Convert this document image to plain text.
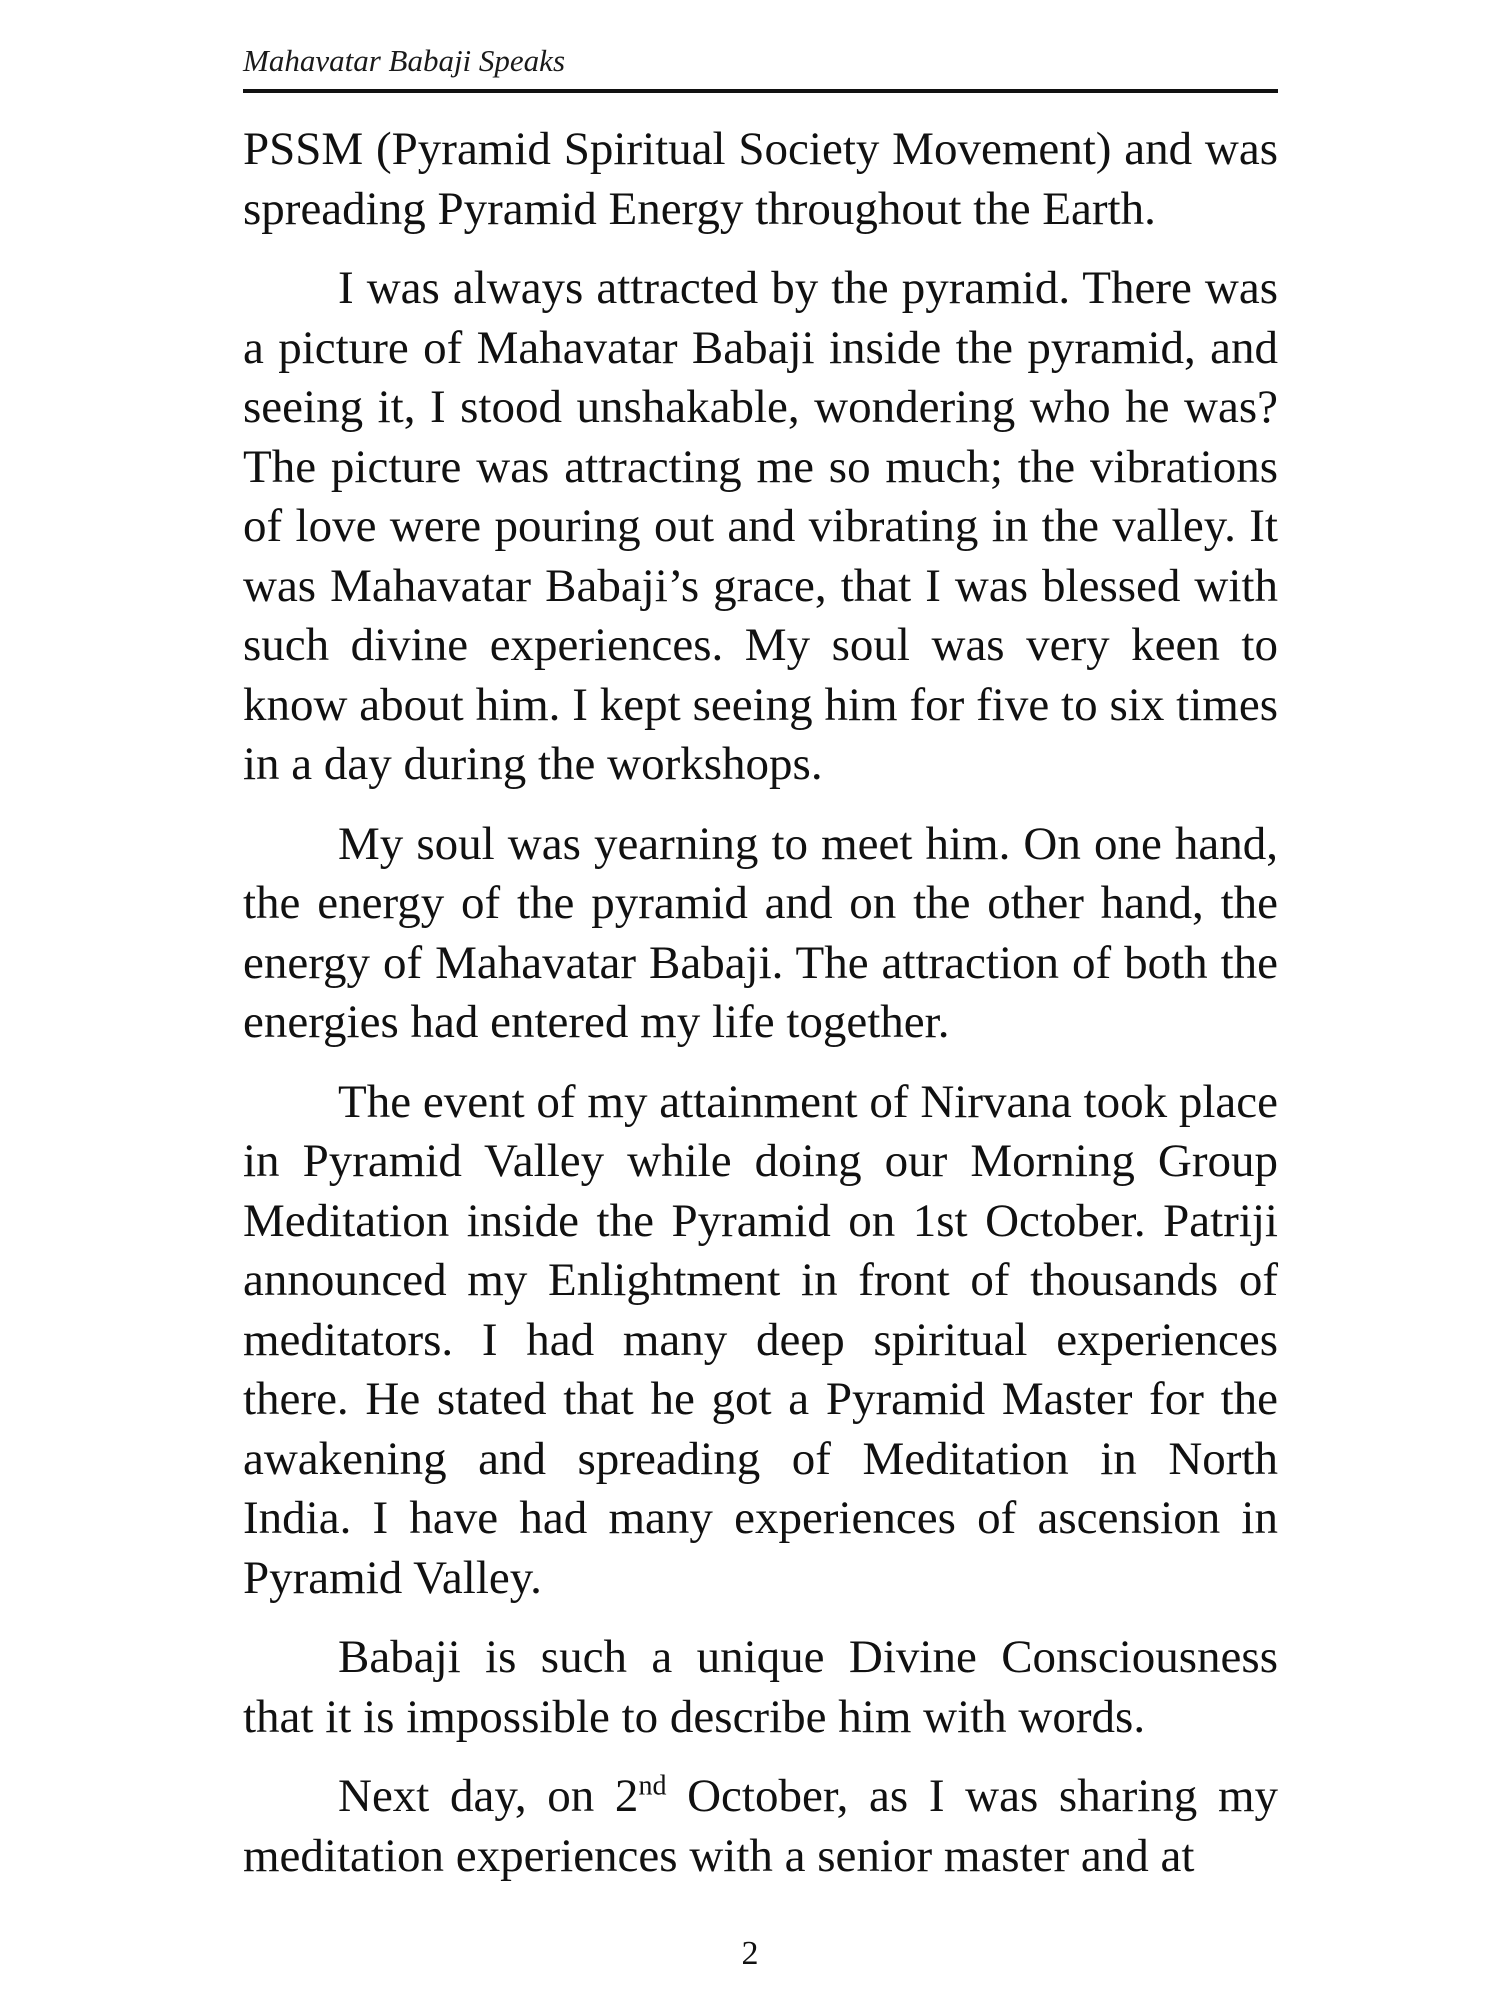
Mahavatar Babaji Speaks

PSSM (Pyramid Spiritual Society Movement) and was spreading Pyramid Energy throughout the Earth.

I was always attracted by the pyramid. There was a picture of Mahavatar Babaji inside the pyramid, and seeing it, I stood unshakable, wondering who he was? The picture was attracting me so much; the vibrations of love were pouring out and vibrating in the valley. It was Mahavatar Babaji’s grace, that I was blessed with such divine experiences. My soul was very keen to know about him. I kept seeing him for five to six times in a day during the workshops.

My soul was yearning to meet him. On one hand, the energy of the pyramid and on the other hand, the energy of Mahavatar Babaji. The attraction of both the energies had entered my life together.

The event of my attainment of Nirvana took place in Pyramid Valley while doing our Morning Group Meditation inside the Pyramid on 1st October. Patriji announced my Enlightment in front of thousands of meditators. I had many deep spiritual experiences there. He stated that he got a Pyramid Master for the awakening and spreading of Meditation in North India. I have had many experiences of ascension in Pyramid Valley.

Babaji is such a unique Divine Consciousness that it is impossible to describe him with words.

Next day, on 2nd October, as I was sharing my meditation experiences with a senior master and at

2
